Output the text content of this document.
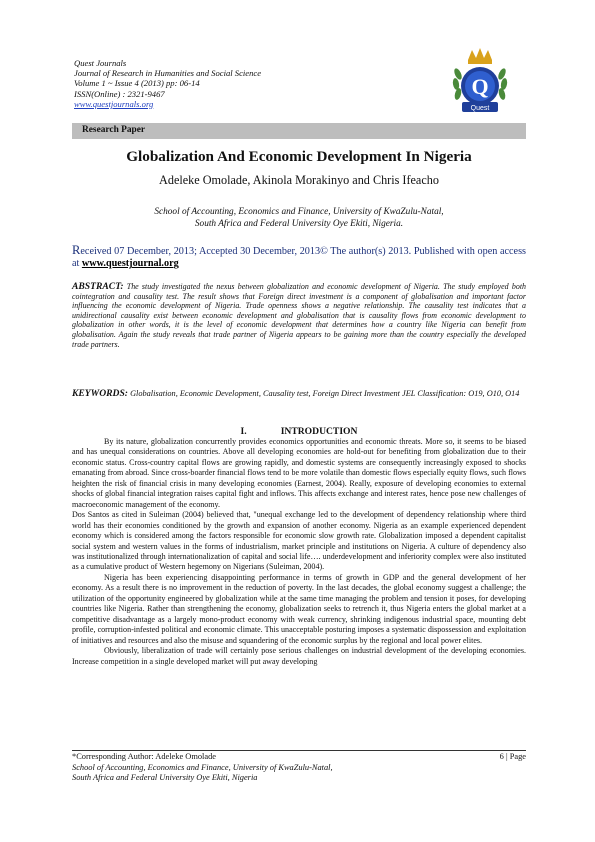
Quest Journals
Journal of Research in Humanities and Social Science
Volume 1 ~ Issue 4 (2013) pp: 06-14
ISSN(Online) : 2321-9467
www.questjournals.org
Q
Quest
Research Paper
Globalization And Economic Development In Nigeria
Adeleke Omolade, Akinola Morakinyo and Chris Ifeacho
School of Accounting, Economics and Finance, University of KwaZulu-Natal,
South Africa and Federal University Oye Ekiti, Nigeria.
Received 07 December, 2013; Accepted 30 December, 2013© The author(s) 2013. Published with open access at www.questjournal.org
ABSTRACT: The study investigated the nexus between globalization and economic development of Nigeria. The study employed both cointegration and causality test. The result shows that Foreign direct investment is a component of globalisation and important factor influencing the economic development of Nigeria. Trade openness shows a negative relationship. The causality test indicates that a unidirectional causality exist between economic development and globalisation that is causality flows from economic development to globalization in other words, it is the level of economic development that determines how a country like Nigeria can benefit from globalisation. Again the study reveals that trade partner of Nigeria appears to be gaining more than the country especially the developed trade partners.
KEYWORDS: Globalisation, Economic Development, Causality test, Foreign Direct Investment JEL Classification: O19, O10, O14
I.	INTRODUCTION

By its nature, globalization concurrently provides economics opportunities and economic threats. More so, it seems to be biased and has unequal considerations on countries. Above all developing economies are hold-out for benefiting from globalization due to their economic status. Cross-country capital flows are growing rapidly, and domestic systems are consequently increasingly exposed to shocks emanating from abroad. Since cross-boarder financial flows tend to be more volatile than domestic flows especially equity flows, such flows heighten the risk of financial crisis in many developing economies (Earnest, 2004). Really, exposure of developing economies to external shocks of global financial integration raises capital fight and inflows. This affects exchange and interest rates, hence pose new challenges of macroeconomic management of the economy.

Dos Santos as cited in Suleiman (2004) believed that, "unequal exchange led to the development of dependency relationship where third world has their economies conditioned by the growth and expansion of another economy. Nigeria as an example experienced dependent economy which is considered among the factors responsible for economic slow growth rate. Globalization imposed a dependent capitalist social system and western values in the forms of industrialism, market principle and institutions on Nigeria. A culture of dependency also was institutionalized through internationalization of capital and social life…. underdevelopment and inferiority complex were also instituted as a cumulative product of Western hegemony on Nigerians (Suleiman, 2004).

Nigeria has been experiencing disappointing performance in terms of growth in GDP and the general development of her economy. As a result there is no improvement in the reduction of poverty. In the last decades, the global economy suggest a challenge; the utilization of the opportunity engineered by globalization while at the same time managing the problem and tension it poses, for developing countries like Nigeria. Rather than strengthening the economy, globalization seeks to retrench it, thus Nigeria enters the global market at a competitive disadvantage as a largely mono-product economy with weak currency, shrinking indigenous industrial space, mounting debt profile, corruption-infested political and economic climate. This unacceptable posturing imposes a systematic dispossession and exploitation of initiatives and resources and also the misuse and squandering of the economic surplus by the regional and local power elites.

Obviously, liberalization of trade will certainly pose serious challenges on industrial development of the developing economies. Increase competition in a single developed market will put away developing

*Corresponding Author: Adeleke Omolade	6 | Page
School of Accounting, Economics and Finance, University of KwaZulu-Natal,
South Africa and Federal University Oye Ekiti, Nigeria
